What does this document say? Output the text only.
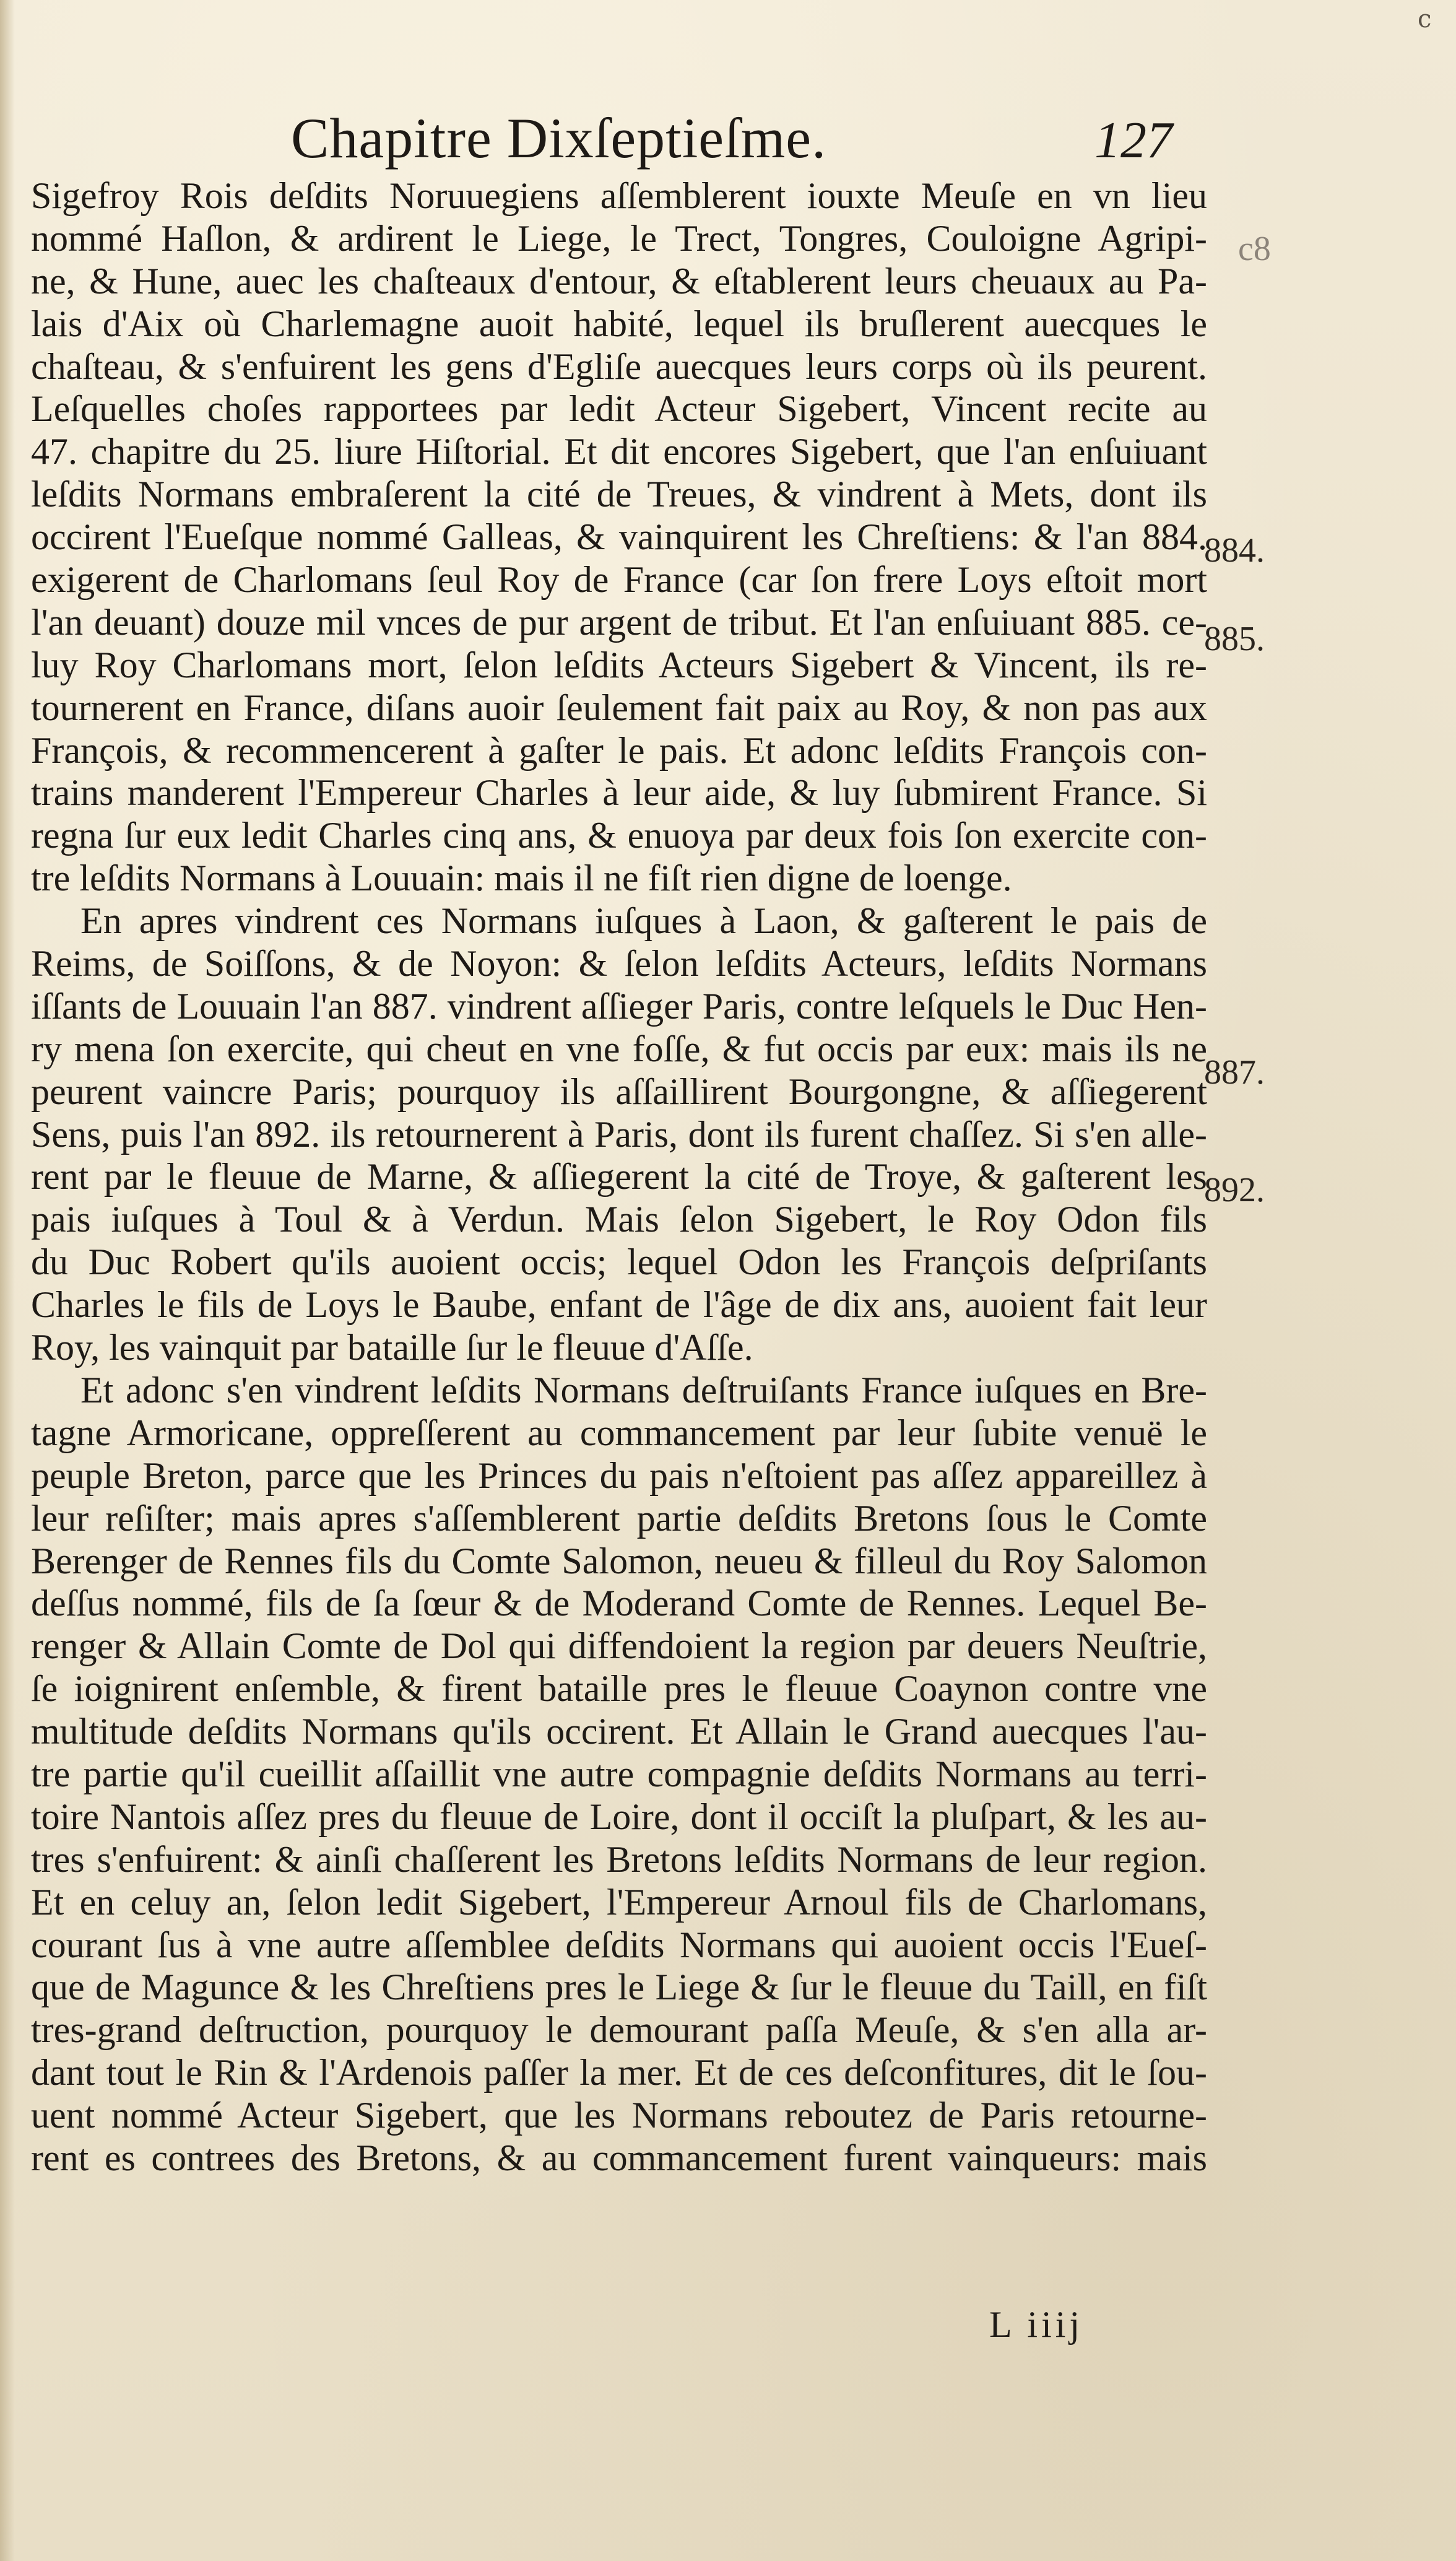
c
Chapitre Dixſeptieſme.	127
Sigefroy Rois deſdits Noruuegiens aſſemblerent iouxte Meuſe en vn lieu
nommé Haſlon, & ardirent le Liege, le Trect, Tongres, Couloigne Agripi-
ne, & Hune, auec les chaſteaux d'entour, & eſtablerent leurs cheuaux au Pa-
lais d'Aix où Charlemagne auoit habité, lequel ils bruſlerent auecques le
chaſteau, & s'enfuirent les gens d'Egliſe auecques leurs corps où ils peurent.
Leſquelles choſes rapportees par ledit Acteur Sigebert, Vincent recite au
47. chapitre du 25. liure Hiſtorial. Et dit encores Sigebert, que l'an enſuiuant
leſdits Normans embraſerent la cité de Treues, & vindrent à Mets, dont ils
occirent l'Eueſque nommé Galleas, & vainquirent les Chreſtiens: & l'an 884.
exigerent de Charlomans ſeul Roy de France (car ſon frere Loys eſtoit mort
l'an deuant) douze mil vnces de pur argent de tribut. Et l'an enſuiuant 885. ce-
luy Roy Charlomans mort, ſelon leſdits Acteurs Sigebert & Vincent, ils re-
tournerent en France, diſans auoir ſeulement fait paix au Roy, & non pas aux
François, & recommencerent à gaſter le pais. Et adonc leſdits François con-
trains manderent l'Empereur Charles à leur aide, & luy ſubmirent France. Si
regna ſur eux ledit Charles cinq ans, & enuoya par deux fois ſon exercite con-
tre leſdits Normans à Louuain: mais il ne fiſt rien digne de loenge.
En apres vindrent ces Normans iuſques à Laon, & gaſterent le pais de
Reims, de Soiſſons, & de Noyon: & ſelon leſdits Acteurs, leſdits Normans
iſſants de Louuain l'an 887. vindrent aſſieger Paris, contre leſquels le Duc Hen-
ry mena ſon exercite, qui cheut en vne foſſe, & fut occis par eux: mais ils ne
peurent vaincre Paris; pourquoy ils aſſaillirent Bourgongne, & aſſiegerent
Sens, puis l'an 892. ils retournerent à Paris, dont ils furent chaſſez. Si s'en alle-
rent par le fleuue de Marne, & aſſiegerent la cité de Troye, & gaſterent les
pais iuſques à Toul & à Verdun. Mais ſelon Sigebert, le Roy Odon fils
du Duc Robert qu'ils auoient occis; lequel Odon les François deſpriſants
Charles le fils de Loys le Baube, enfant de l'âge de dix ans, auoient fait leur
Roy, les vainquit par bataille ſur le fleuue d'Aſſe.
Et adonc s'en vindrent leſdits Normans deſtruiſants France iuſques en Bre-
tagne Armoricane, oppreſſerent au commancement par leur ſubite venuë le
peuple Breton, parce que les Princes du pais n'eſtoient pas aſſez appareillez à
leur reſiſter; mais apres s'aſſemblerent partie deſdits Bretons ſous le Comte
Berenger de Rennes fils du Comte Salomon, neueu & filleul du Roy Salomon
deſſus nommé, fils de ſa ſœur & de Moderand Comte de Rennes. Lequel Be-
renger & Allain Comte de Dol qui diffendoient la region par deuers Neuſtrie,
ſe ioignirent enſemble, & firent bataille pres le fleuue Coaynon contre vne
multitude deſdits Normans qu'ils occirent. Et Allain le Grand auecques l'au-
tre partie qu'il cueillit aſſaillit vne autre compagnie deſdits Normans au terri-
toire Nantois aſſez pres du fleuue de Loire, dont il occiſt la pluſpart, & les au-
tres s'enfuirent: & ainſi chaſſerent les Bretons leſdits Normans de leur region.
Et en celuy an, ſelon ledit Sigebert, l'Empereur Arnoul fils de Charlomans,
courant ſus à vne autre aſſemblee deſdits Normans qui auoient occis l'Eueſ-
que de Magunce & les Chreſtiens pres le Liege & ſur le fleuue du Taill, en fiſt
tres-grand deſtruction, pourquoy le demourant paſſa Meuſe, & s'en alla ar-
dant tout le Rin & l'Ardenois paſſer la mer. Et de ces deſconfitures, dit le ſou-
uent nommé Acteur Sigebert, que les Normans reboutez de Paris retourne-
rent es contrees des Bretons, & au commancement furent vainqueurs: mais
c8
884.
885.
887.
892.
L iiij
